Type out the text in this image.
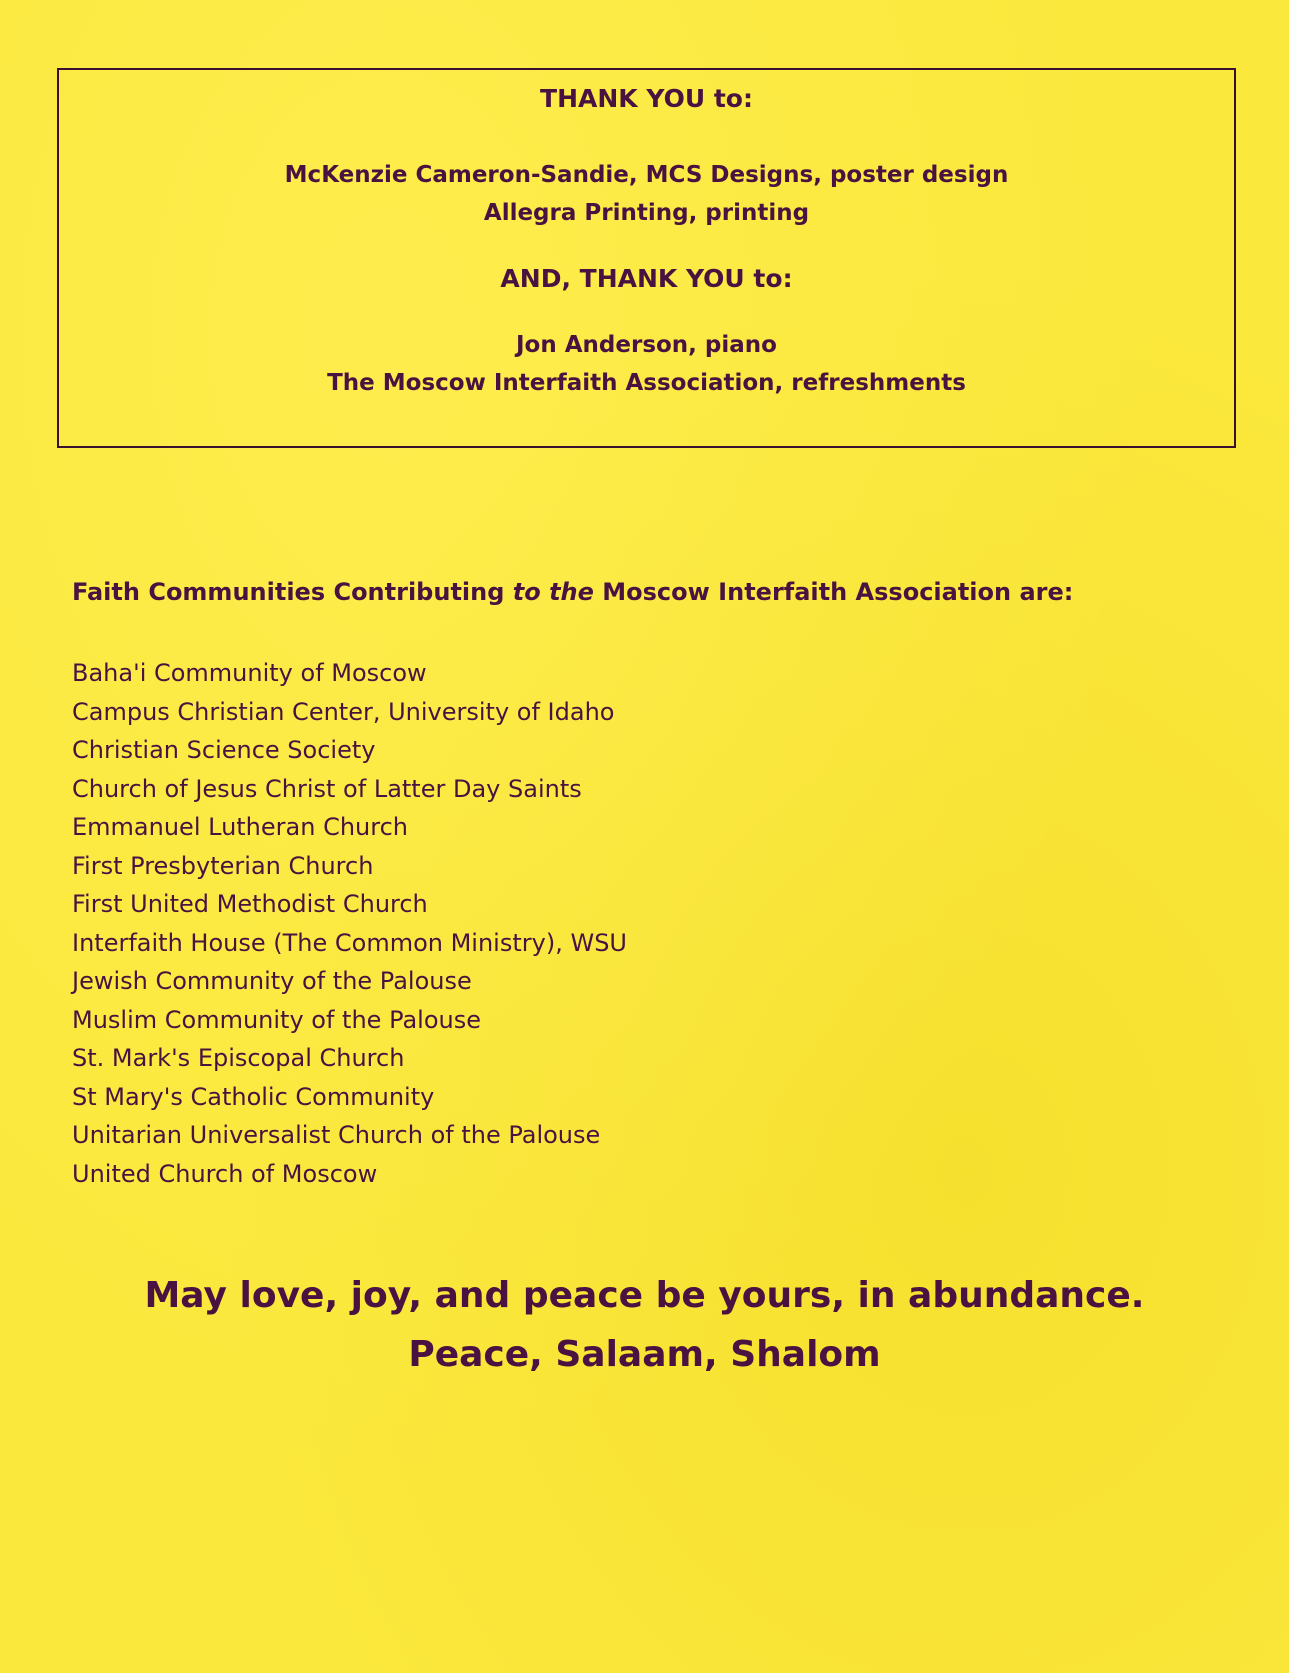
THANK YOU to:
McKenzie Cameron-Sandie, MCS Designs, poster design
Allegra Printing, printing
AND, THANK YOU to:
Jon Anderson, piano
The Moscow Interfaith Association, refreshments
Faith Communities Contributing to the Moscow Interfaith Association are:
Baha'i Community of Moscow
Campus Christian Center, University of Idaho
Christian Science Society
Church of Jesus Christ of Latter Day Saints
Emmanuel Lutheran Church
First Presbyterian Church
First United Methodist Church
Interfaith House (The Common Ministry), WSU
Jewish Community of the Palouse
Muslim Community of the Palouse
St. Mark's Episcopal Church
St Mary's Catholic Community
Unitarian Universalist Church of the Palouse
United Church of Moscow
May love, joy, and peace be yours, in abundance.
Peace, Salaam, Shalom
